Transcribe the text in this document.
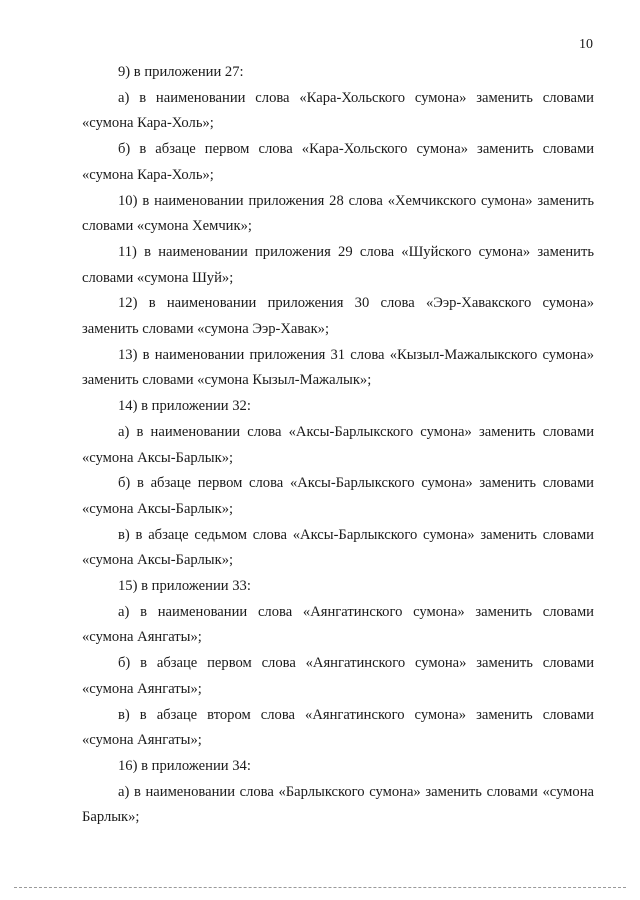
10

9) в приложении 27:

а) в наименовании слова «Кара-Хольского сумона» заменить словами «сумона Кара-Холь»;

б) в абзаце первом слова «Кара-Хольского сумона» заменить словами «сумона Кара-Холь»;

10) в наименовании приложения 28 слова «Хемчикского сумона» заменить словами «сумона Хемчик»;

11) в наименовании приложения 29 слова «Шуйского сумона» заменить словами «сумона Шуй»;

12) в наименовании приложения 30 слова «Ээр-Хавакского сумона» заменить словами «сумона Ээр-Хавак»;

13) в наименовании приложения 31 слова «Кызыл-Мажалыкского сумона» заменить словами «сумона Кызыл-Мажалык»;

14) в приложении 32:

а) в наименовании слова «Аксы-Барлыкского сумона» заменить словами «сумона Аксы-Барлык»;

б) в абзаце первом слова «Аксы-Барлыкского сумона» заменить словами «сумона Аксы-Барлык»;

в) в абзаце седьмом слова «Аксы-Барлыкского сумона» заменить словами «сумона Аксы-Барлык»;

15) в приложении 33:

а) в наименовании слова «Аянгатинского сумона» заменить словами «сумона Аянгаты»;

б) в абзаце первом слова «Аянгатинского сумона» заменить словами «сумона Аянгаты»;

в) в абзаце втором слова «Аянгатинского сумона» заменить словами «сумона Аянгаты»;

16) в приложении 34:

а) в наименовании слова «Барлыкского сумона» заменить словами «сумона Барлык»;
